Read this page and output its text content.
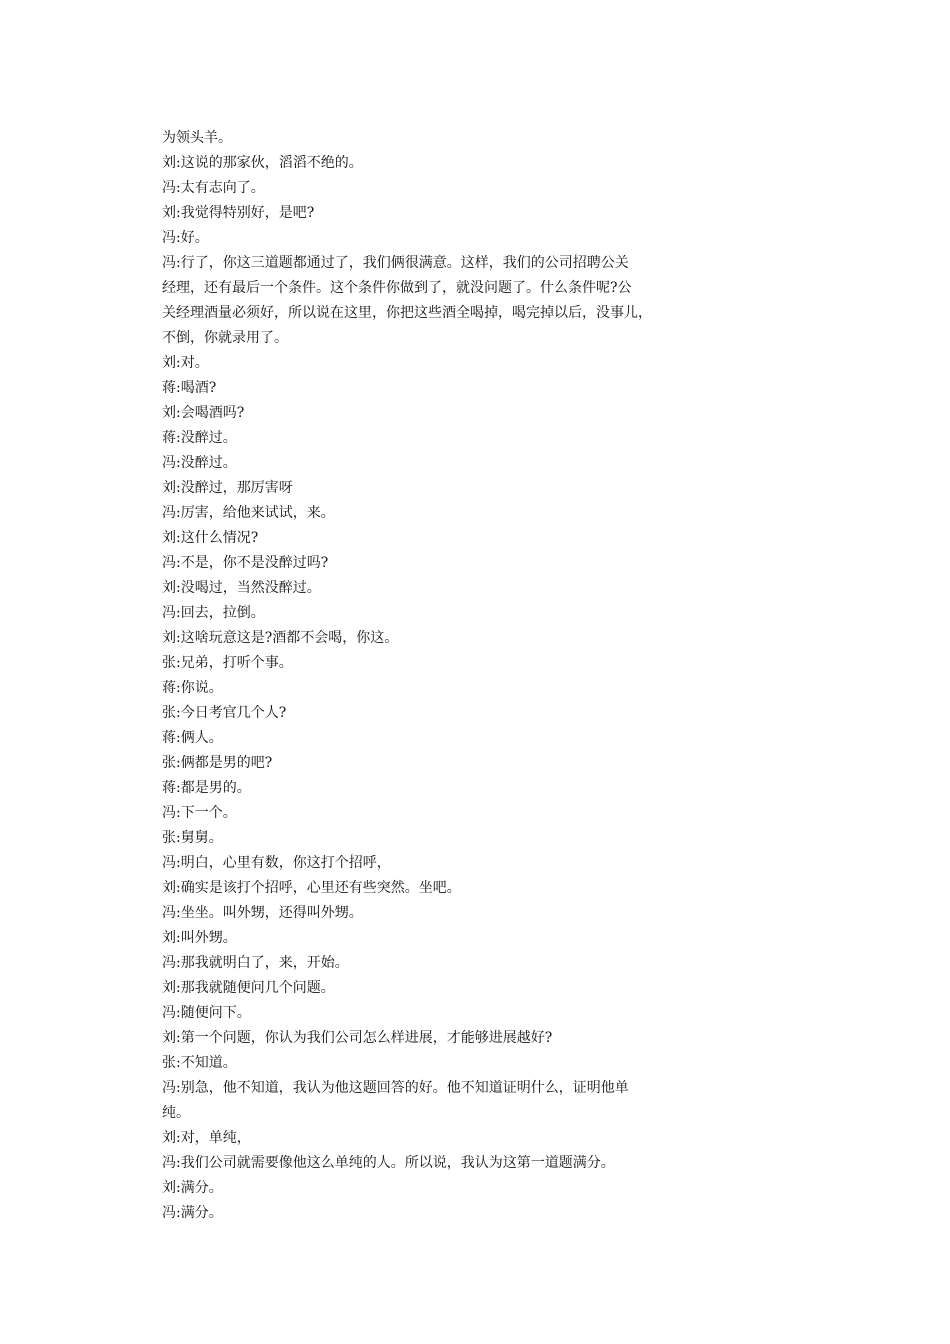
为领头羊。
刘:这说的那家伙，滔滔不绝的。
冯:太有志向了。
刘:我觉得特别好，是吧?
冯:好。
冯:行了，你这三道题都通过了，我们俩很满意。这样，我们的公司招聘公关
经理，还有最后一个条件。这个条件你做到了，就没问题了。什么条件呢?公
关经理酒量必须好，所以说在这里，你把这些酒全喝掉，喝完掉以后，没事儿，
不倒，你就录用了。
刘:对。
蒋:喝酒?
刘:会喝酒吗?
蒋:没醉过。
冯:没醉过。
刘:没醉过，那厉害呀
冯:厉害，给他来试试，来。
刘:这什么情况?
冯:不是，你不是没醉过吗?
刘:没喝过，当然没醉过。
冯:回去，拉倒。
刘:这啥玩意这是?酒都不会喝，你这。
张:兄弟，打听个事。
蒋:你说。
张:今日考官几个人?
蒋:俩人。
张:俩都是男的吧?
蒋:都是男的。
冯:下一个。
张:舅舅。
冯:明白，心里有数，你这打个招呼，
刘:确实是该打个招呼，心里还有些突然。坐吧。
冯:坐坐。叫外甥，还得叫外甥。
刘:叫外甥。
冯:那我就明白了，来，开始。
刘:那我就随便问几个问题。
冯:随便问下。
刘:第一个问题，你认为我们公司怎么样进展，才能够进展越好?
张:不知道。
冯:别急，他不知道，我认为他这题回答的好。他不知道证明什么，证明他单
纯。
刘:对，单纯，
冯:我们公司就需要像他这么单纯的人。所以说，我认为这第一道题满分。
刘:满分。
冯:满分。
